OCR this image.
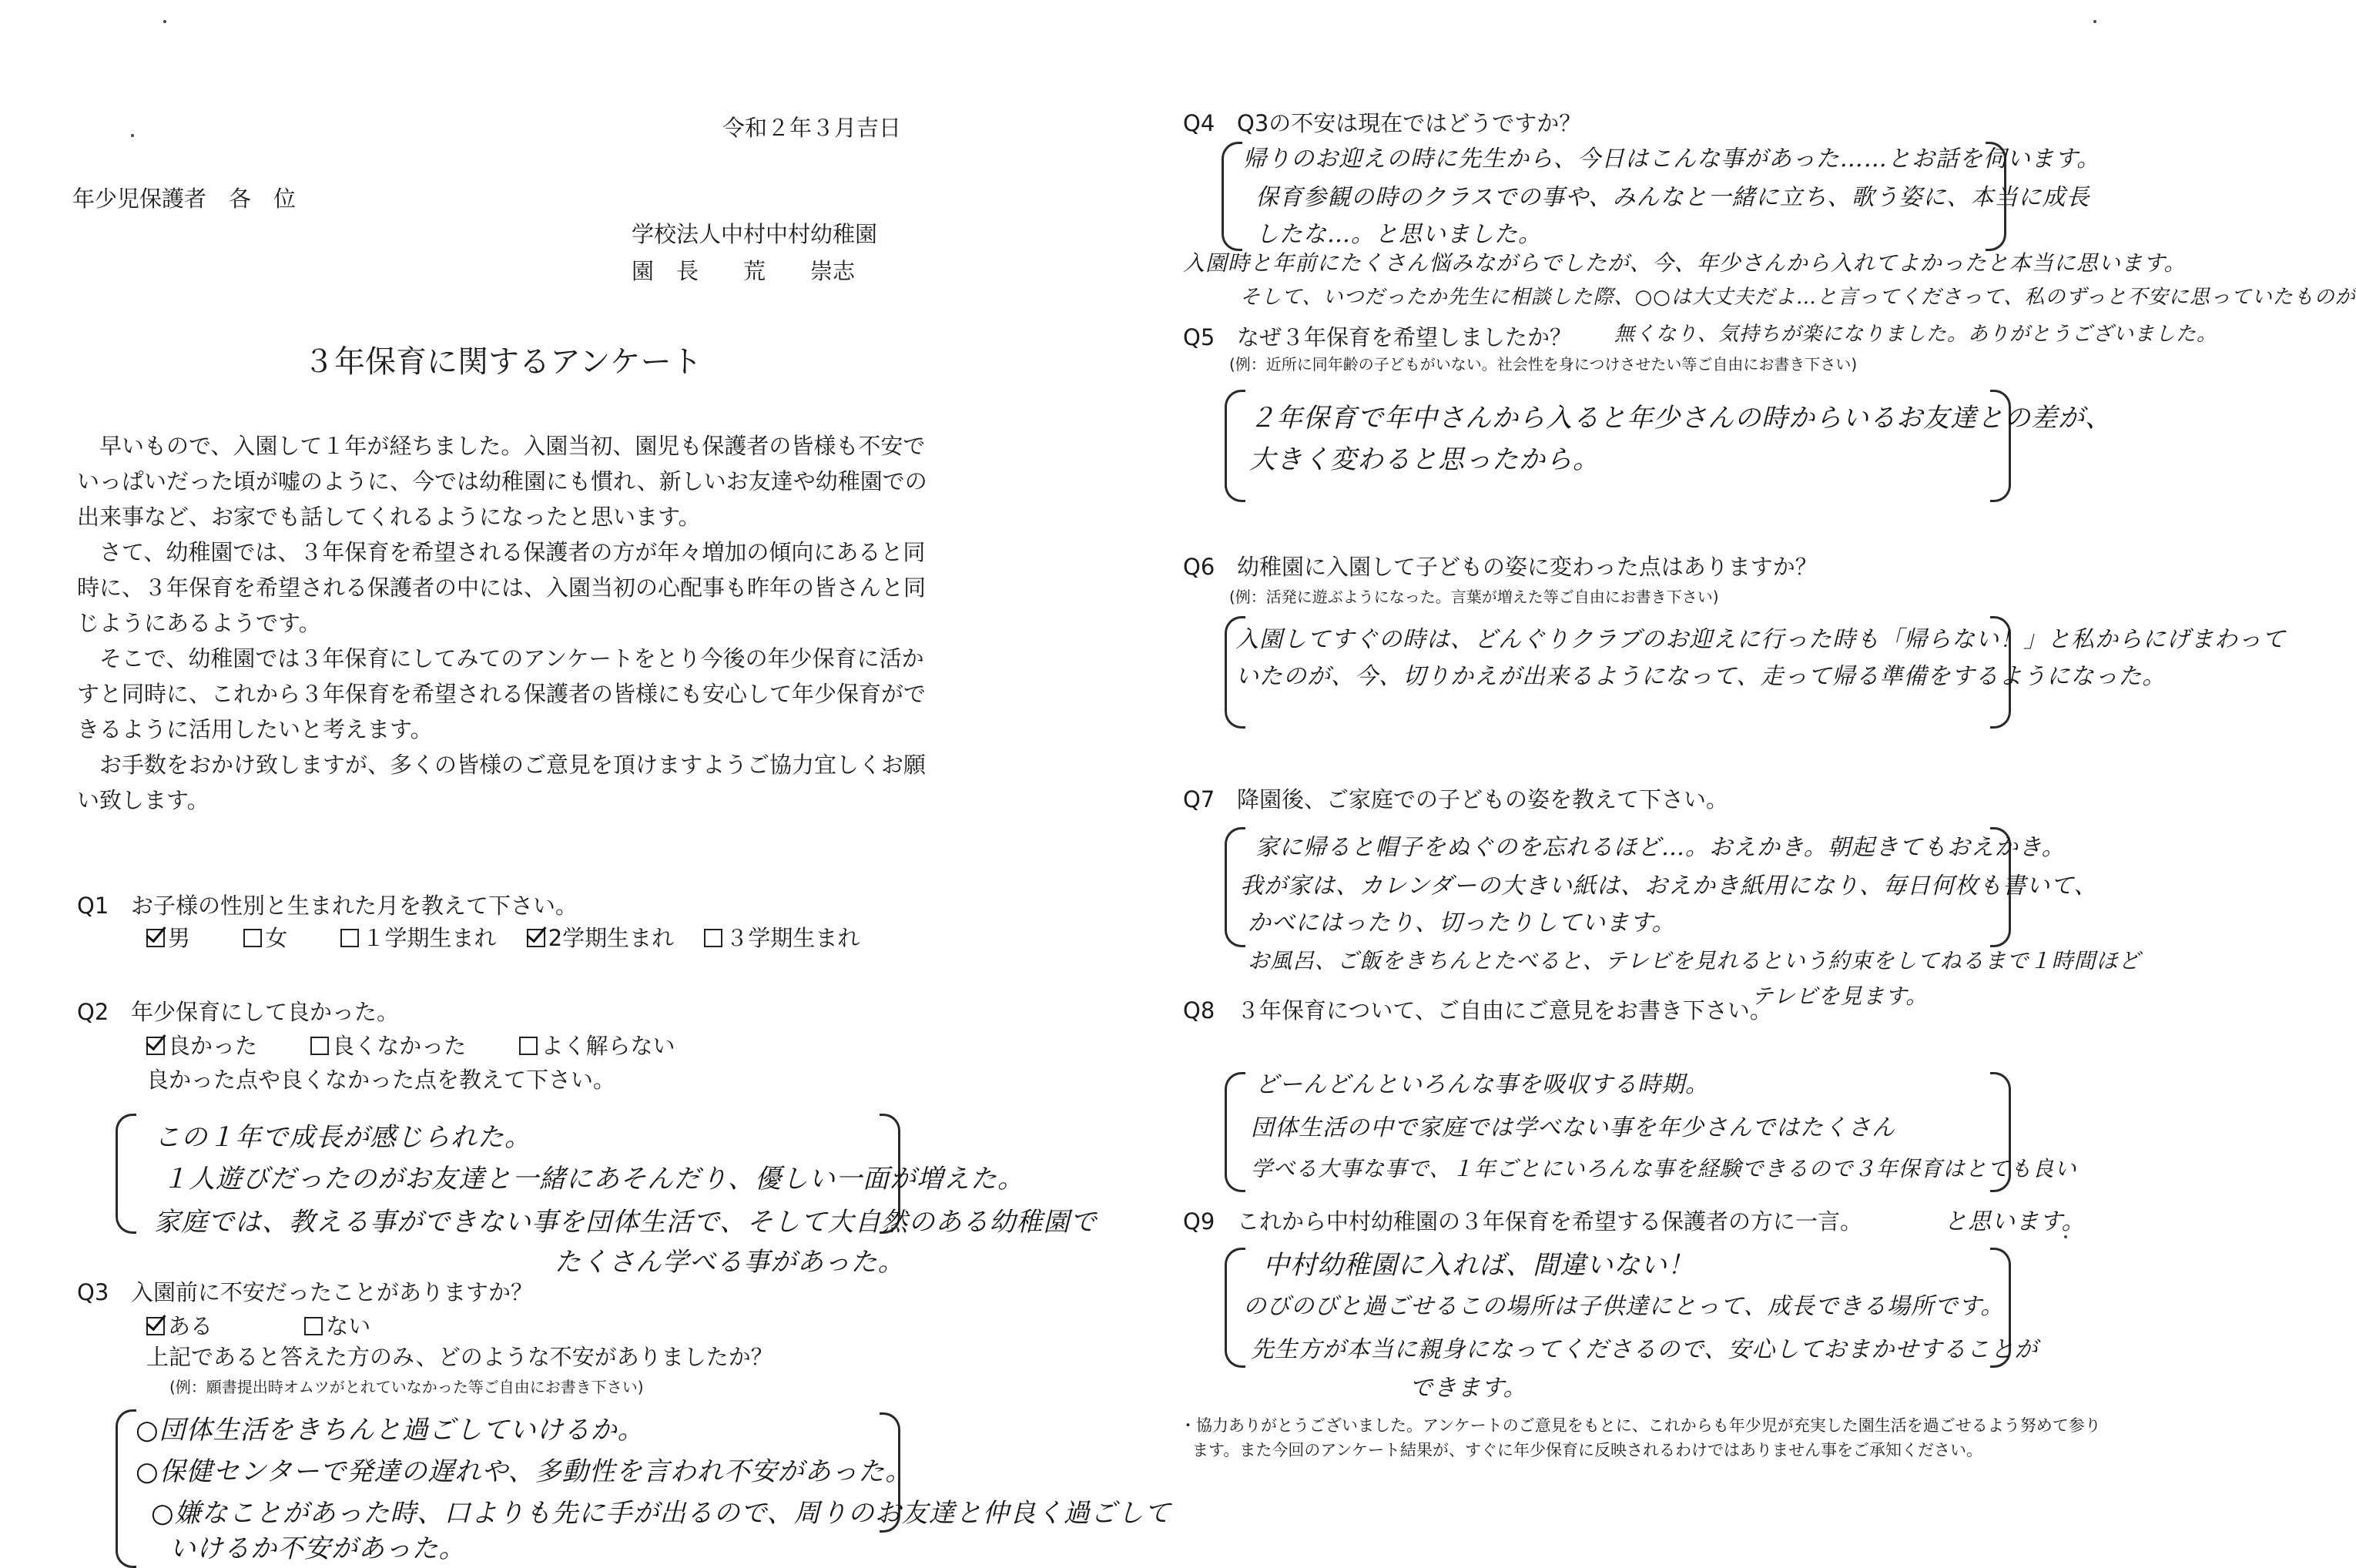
令和２年３月吉日
年少児保護者　各　位
学校法人中村中村幼稚園
園　長　　荒　　崇志
３年保育に関するアンケート

早いもので、入園して１年が経ちました。入園当初、園児も保護者の皆様も不安でいっぱいだった頃が嘘のように、今では幼稚園にも慣れ、新しいお友達や幼稚園での出来事など、お家でも話してくれるようになったと思います。

さて、幼稚園では、３年保育を希望される保護者の方が年々増加の傾向にあると同時に、３年保育を希望される保護者の中には、入園当初の心配事も昨年の皆さんと同じようにあるようです。

そこで、幼稚園では３年保育にしてみてのアンケートをとり今後の年少保育に活かすと同時に、これから３年保育を希望される保護者の皆様にも安心して年少保育ができるように活用したいと考えます。

お手数をおかけ致しますが、多くの皆様のご意見を頂けますようご協力宜しくお願い致します。

Q1 お子様の性別と生まれた月を教えて下さい。
男	女	１学期生まれ 2学期生まれ ３学期生まれ
Q2 年少保育にして良かった。
良かった	良くなかった	よく解らない
良かった点や良くなかった点を教えて下さい。
この１年で成長が感じられた。
１人遊びだったのがお友達と一緒にあそんだり、優しい一面が増えた。
家庭では、教える事ができない事を団体生活で、そして大自然のある幼稚園で
たくさん学べる事があった。
Q3 入園前に不安だったことがありますか？
ある	ない
上記であると答えた方のみ、どのような不安がありましたか？
(例：願書提出時オムツがとれていなかった等ご自由にお書き下さい)
○団体生活をきちんと過ごしていけるか。
○保健センターで発達の遅れや、多動性を言われ不安があった。
○嫌なことがあった時、口よりも先に手が出るので、周りのお友達と仲良く過ごして
いけるか不安があった。
Q4 Q3の不安は現在ではどうですか？
帰りのお迎えの時に先生から、今日はこんな事があった……とお話を伺います。
保育参観の時のクラスでの事や、みんなと一緒に立ち、歌う姿に、本当に成長
したな…。と思いました。
入園時と年前にたくさん悩みながらでしたが、今、年少さんから入れてよかったと本当に思います。
そして、いつだったか先生に相談した際、○○は大丈夫だよ…と言ってくださって、私のずっと不安に思っていたものが
無くなり、気持ちが楽になりました。ありがとうございました。
Q5 なぜ３年保育を希望しましたか？
(例：近所に同年齢の子どもがいない。社会性を身につけさせたい等ご自由にお書き下さい)
２年保育で年中さんから入ると年少さんの時からいるお友達との差が、
大きく変わると思ったから。
Q6 幼稚園に入園して子どもの姿に変わった点はありますか？
(例：活発に遊ぶようになった。言葉が増えた等ご自由にお書き下さい)
入園してすぐの時は、どんぐりクラブのお迎えに行った時も「帰らない！」と私からにげまわって
いたのが、今、切りかえが出来るようになって、走って帰る準備をするようになった。
Q7 降園後、ご家庭での子どもの姿を教えて下さい。
家に帰ると帽子をぬぐのを忘れるほど…。おえかき。朝起きてもおえかき。
我が家は、カレンダーの大きい紙は、おえかき紙用になり、毎日何枚も書いて、
かべにはったり、切ったりしています。
お風呂、ご飯をきちんとたべると、テレビを見れるという約束をしてねるまで１時間ほど
テレビを見ます。
Q8 ３年保育について、ご自由にご意見をお書き下さい。
どーんどんといろんな事を吸収する時期。
団体生活の中で家庭では学べない事を年少さんではたくさん
学べる大事な事で、１年ごとにいろんな事を経験できるので３年保育はとても良い
と思います。
Q9 これから中村幼稚園の３年保育を希望する保護者の方に一言。
中村幼稚園に入れば、間違いない！
のびのびと過ごせるこの場所は子供達にとって、成長できる場所です。
先生方が本当に親身になってくださるので、安心しておまかせすることが
できます。
・協力ありがとうございました。アンケートのご意見をもとに、これからも年少児が充実した園生活を過ごせるよう努めて参り
ます。また今回のアンケート結果が、すぐに年少保育に反映されるわけではありません事をご承知ください。
